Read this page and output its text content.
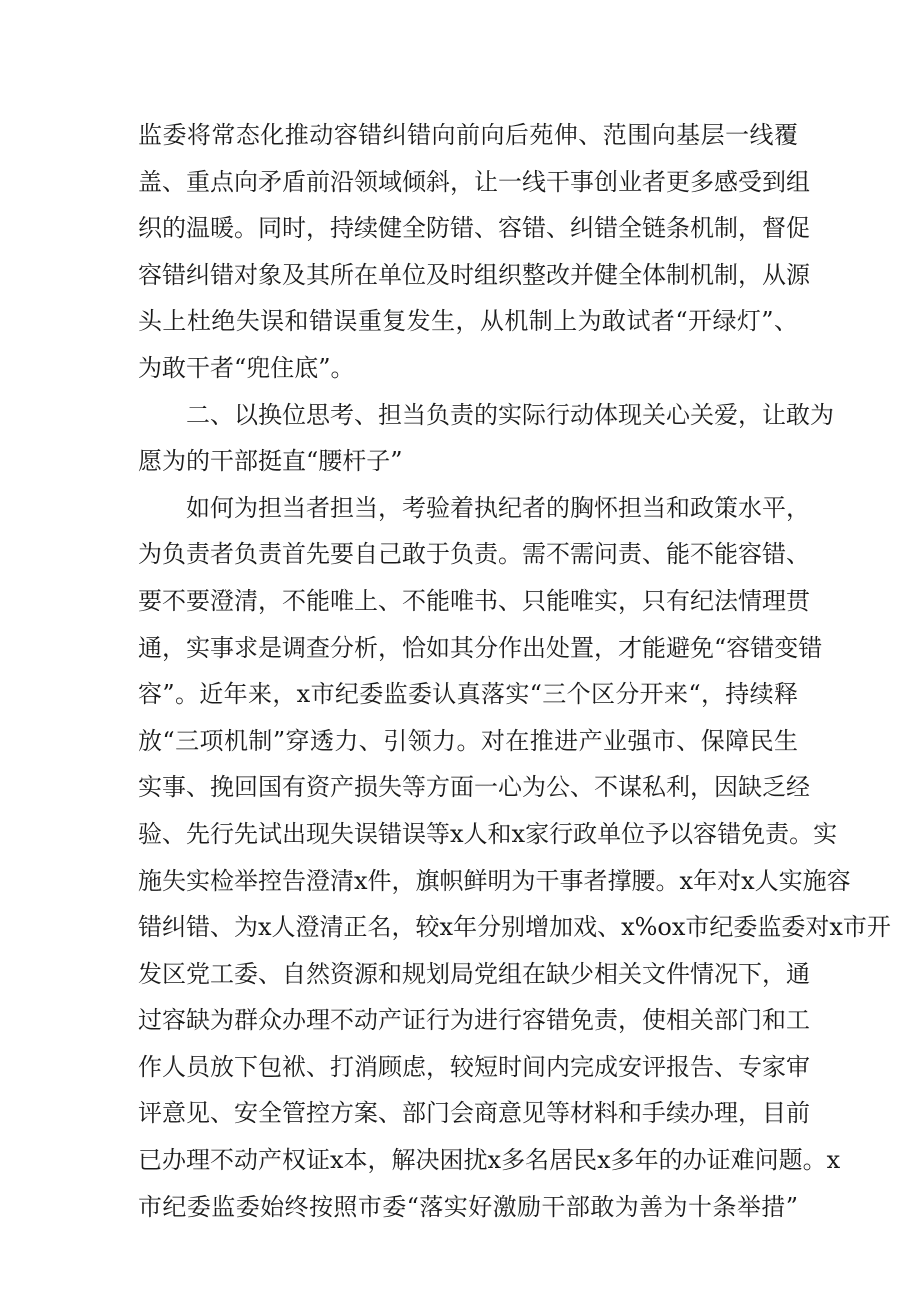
监委将常态化推动容错纠错向前向后苑伸、范围向基层一线覆
盖、重点向矛盾前沿领域倾斜，让一线干事创业者更多感受到组
织的温暖。同时，持续健全防错、容错、纠错全链条机制，督促
容错纠错对象及其所在单位及时组织整改并健全体制机制，从源
头上杜绝失误和错误重复发生，从机制上为敢试者“开绿灯”、
为敢干者“兜住底”。
二、以换位思考、担当负责的实际行动体现关心关爱，让敢为
愿为的干部挺直“腰杆子”
如何为担当者担当，考验着执纪者的胸怀担当和政策水平，
为负责者负责首先要自己敢于负责。需不需问责、能不能容错、
要不要澄清，不能唯上、不能唯书、只能唯实，只有纪法情理贯
通，实事求是调查分析，恰如其分作出处置，才能避免“容错变错
容”。近年来，x市纪委监委认真落实“三个区分开来“，持续释
放“三项机制”穿透力、引领力。对在推进产业强市、保障民生
实事、挽回国有资产损失等方面一心为公、不谋私利，因缺乏经
验、先行先试出现失误错误等x人和x家行政单位予以容错免责。实
施失实检举控告澄清x件，旗帜鲜明为干事者撑腰。x年对x人实施容
错纠错、为x人澄清正名，较x年分别增加戏、x%ox市纪委监委对x市开
发区党工委、自然资源和规划局党组在缺少相关文件情况下，通
过容缺为群众办理不动产证行为进行容错免责，使相关部门和工
作人员放下包袱、打消顾虑，较短时间内完成安评报告、专家审
评意见、安全管控方案、部门会商意见等材料和手续办理，目前
已办理不动产权证x本，解决困扰x多名居民x多年的办证难问题。x
市纪委监委始终按照市委“落实好激励干部敢为善为十条举措”
